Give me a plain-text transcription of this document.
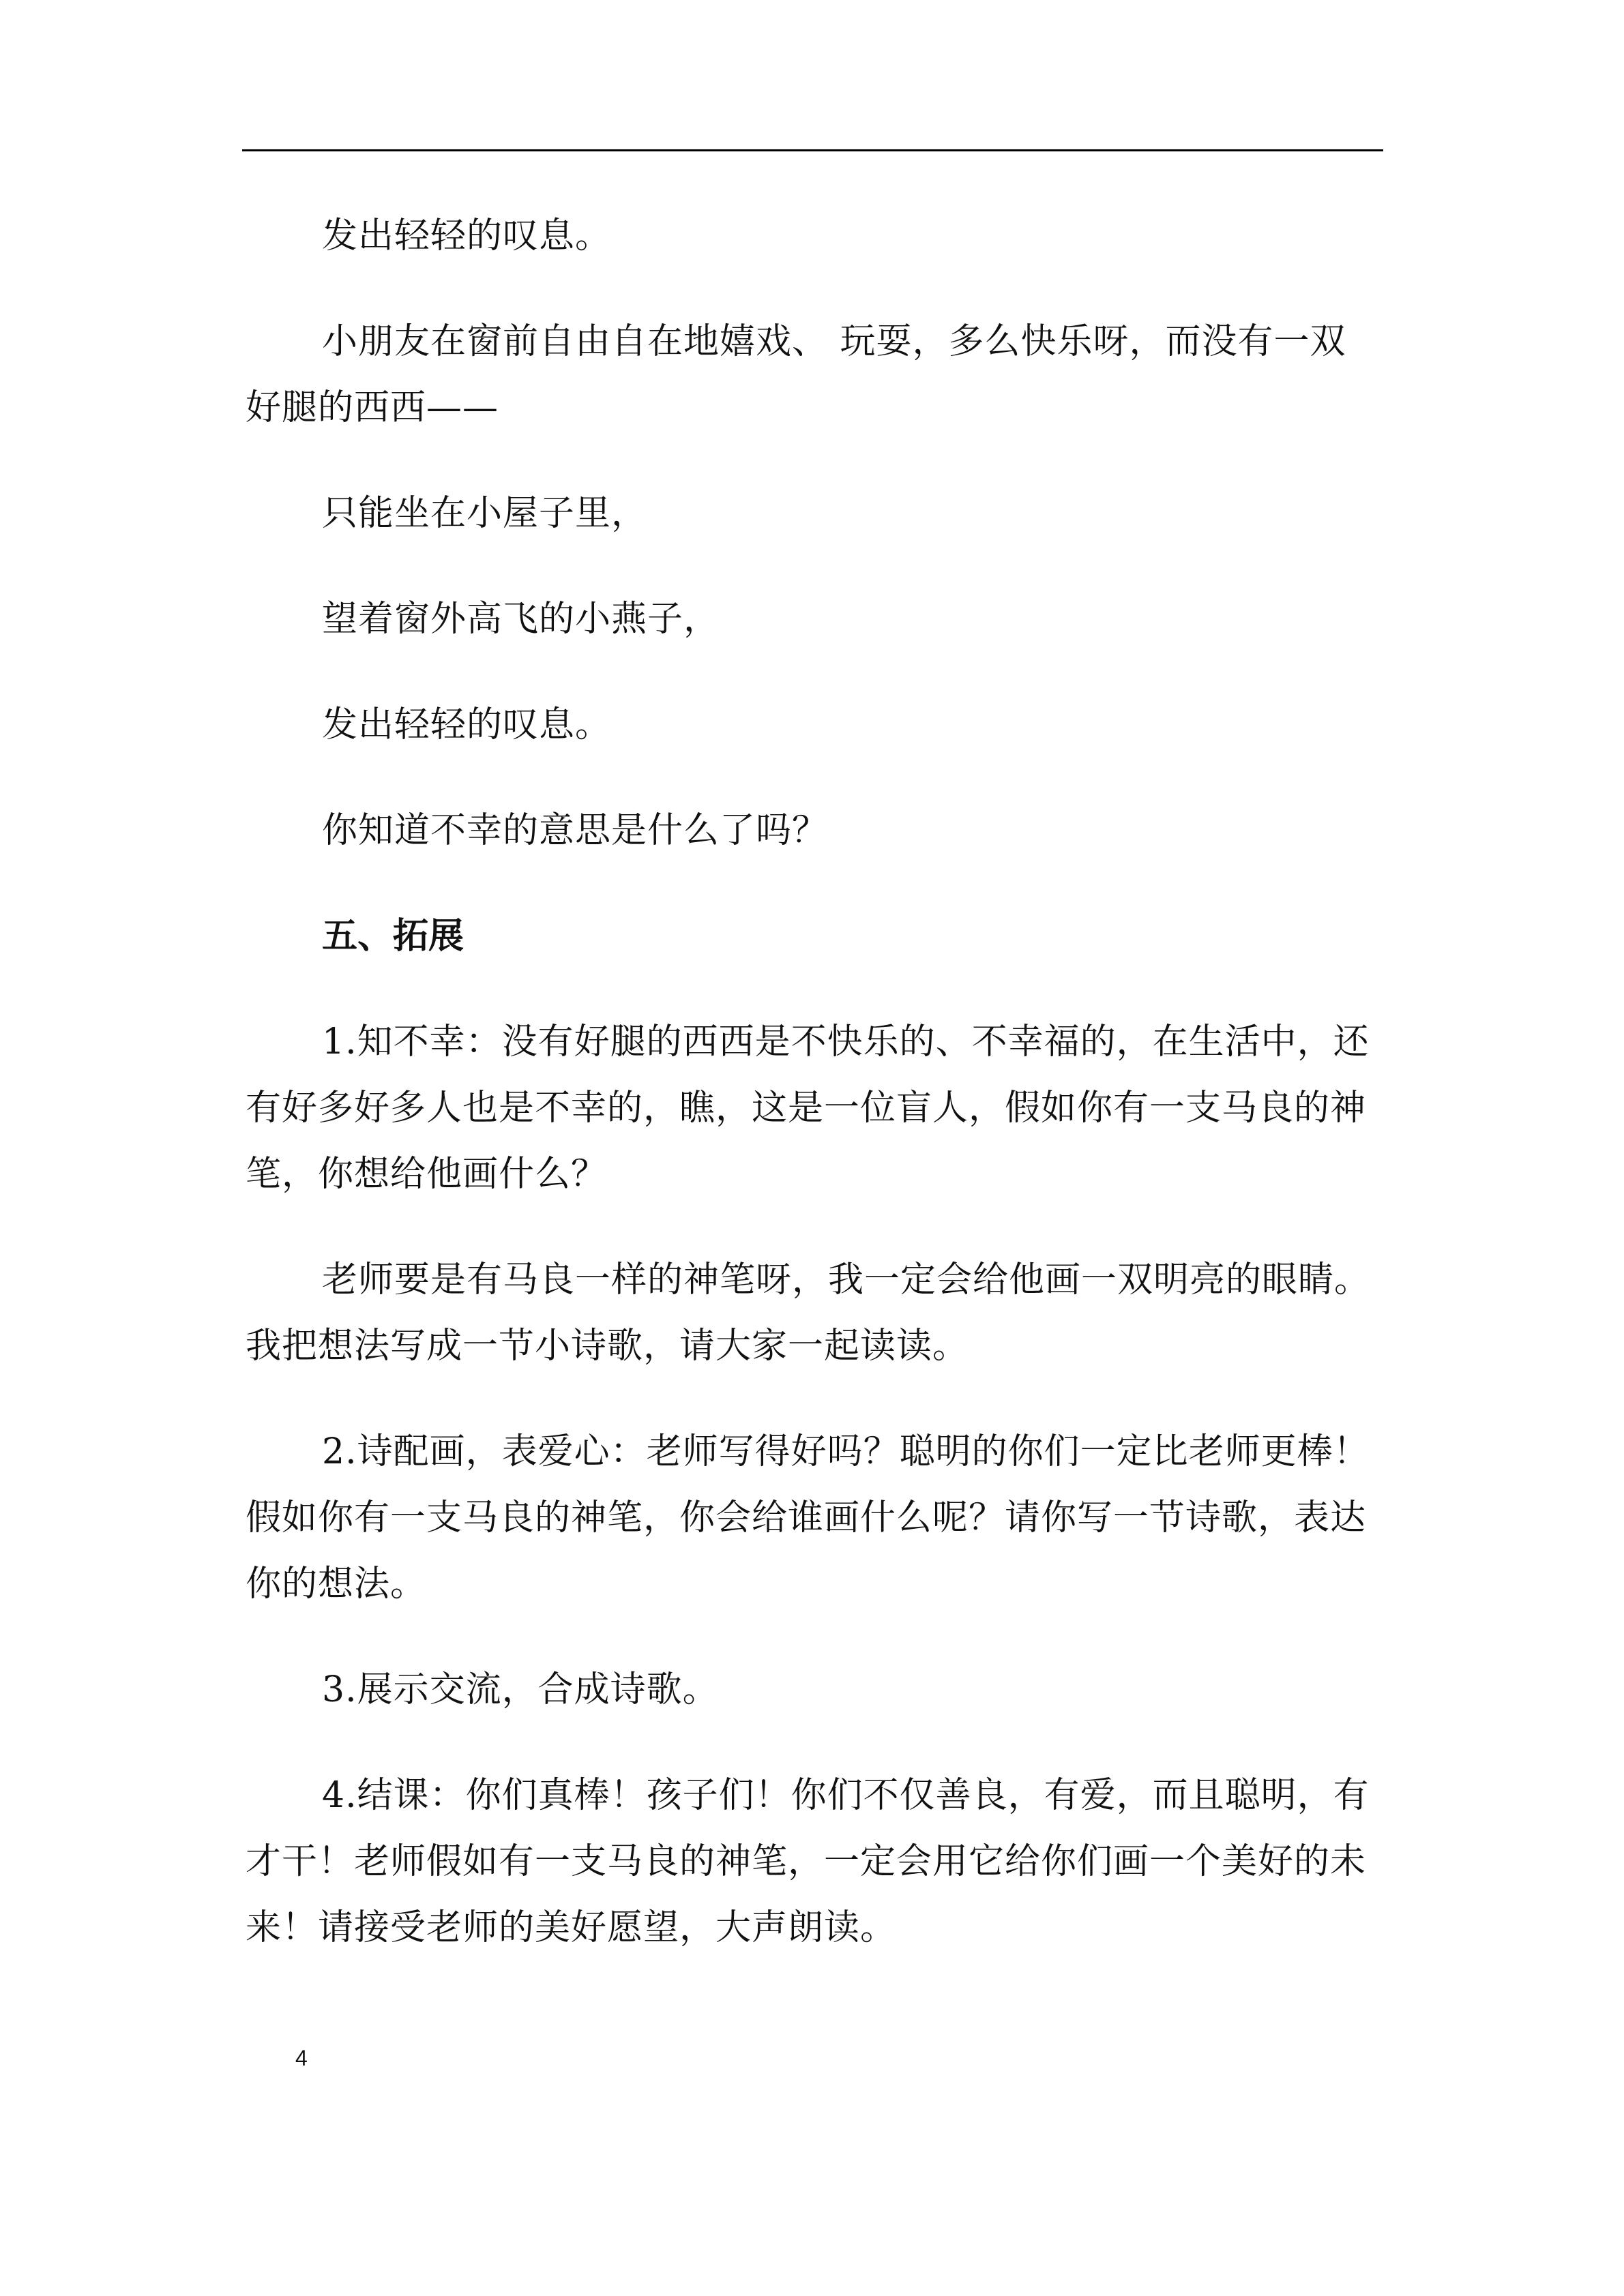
发出轻轻的叹息。

小朋友在窗前自由自在地嬉戏、 玩耍，多么快乐呀，而没有一双好腿的西西——

只能坐在小屋子里，

望着窗外高飞的小燕子，

发出轻轻的叹息。

你知道不幸的意思是什么了吗？

五、拓展

1.知不幸：没有好腿的西西是不快乐的、不幸福的，在生活中，还有好多好多人也是不幸的，瞧，这是一位盲人，假如你有一支马良的神笔，你想给他画什么？

老师要是有马良一样的神笔呀，我一定会给他画一双明亮的眼睛。我把想法写成一节小诗歌，请大家一起读读。

2.诗配画，表爱心：老师写得好吗？聪明的你们一定比老师更棒！假如你有一支马良的神笔，你会给谁画什么呢？请你写一节诗歌，表达你的想法。

3.展示交流，合成诗歌。

4.结课：你们真棒！孩子们！你们不仅善良，有爱，而且聪明，有才干！老师假如有一支马良的神笔，一定会用它给你们画一个美好的未来！请接受老师的美好愿望，大声朗读。

4
